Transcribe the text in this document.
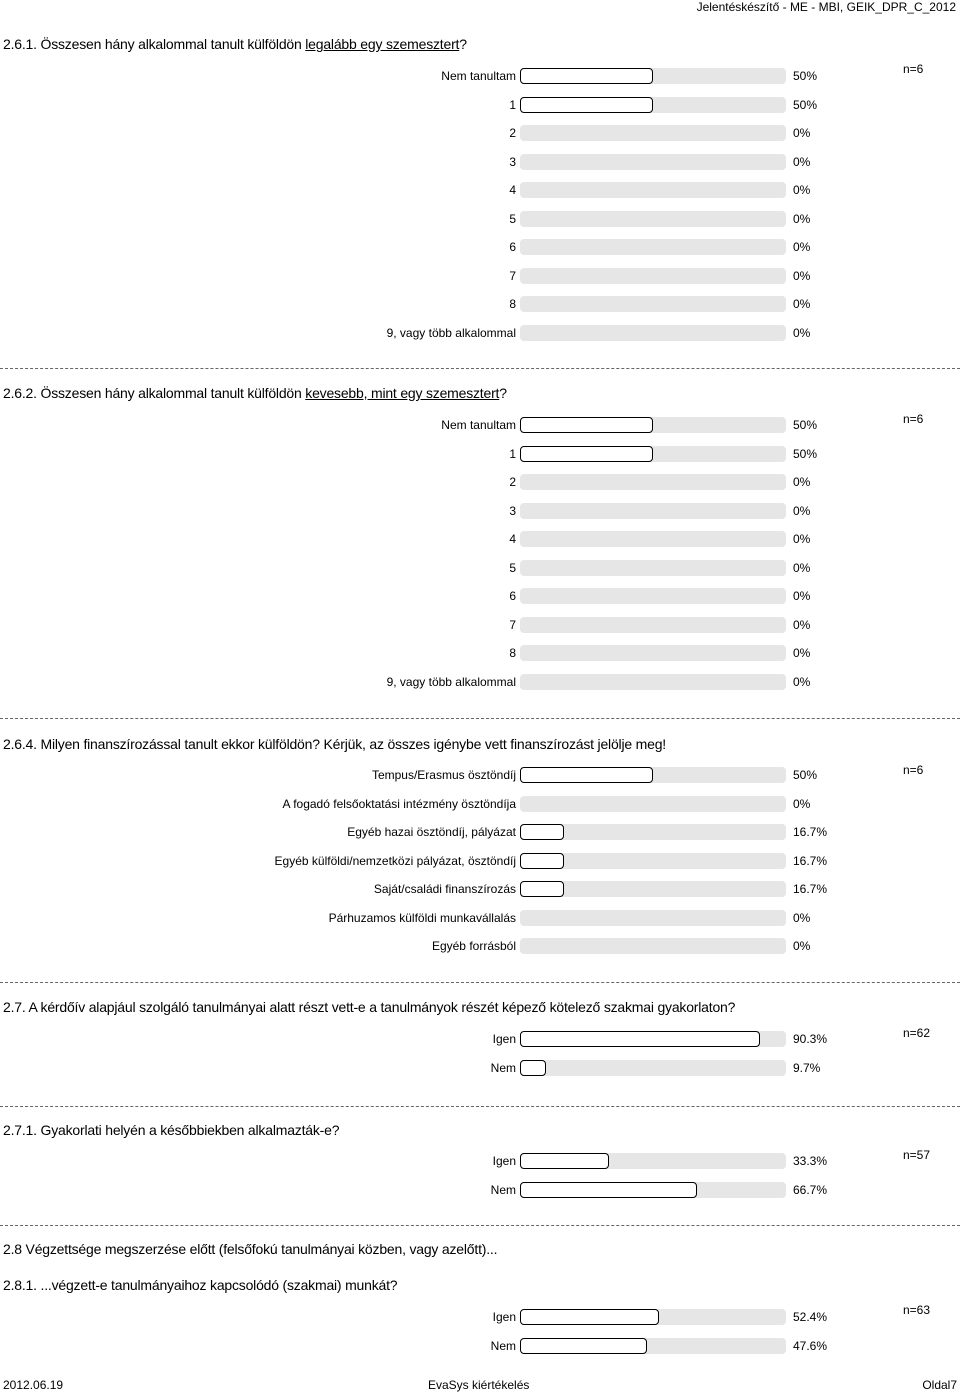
Jelentéskészítő - ME - MBI, GEIK_DPR_C_2012
2.6.1. Összesen hány alkalommal tanult külföldön legalább egy szemesztert?
n=6
Nem tanultam	50%
1	50%
2	0%
3	0%
4	0%
5	0%
6	0%
7	0%
8	0%
9, vagy több alkalommal	0%
2.6.2. Összesen hány alkalommal tanult külföldön kevesebb, mint egy szemesztert?
n=6
Nem tanultam	50%
1	50%
2	0%
3	0%
4	0%
5	0%
6	0%
7	0%
8	0%
9, vagy több alkalommal	0%
2.6.4. Milyen finanszírozással tanult ekkor külföldön? Kérjük, az összes igénybe vett finanszírozást jelölje meg!
n=6
Tempus/Erasmus ösztöndíj	50%
A fogadó felsőoktatási intézmény ösztöndíja	0%
Egyéb hazai ösztöndíj, pályázat	16.7%
Egyéb külföldi/nemzetközi pályázat, ösztöndíj	16.7%
Saját/családi finanszírozás	16.7%
Párhuzamos külföldi munkavállalás	0%
Egyéb forrásból	0%
2.7. A kérdőív alapjául szolgáló tanulmányai alatt részt vett-e a tanulmányok részét képező kötelező szakmai gyakorlaton?
n=62
Igen	90.3%
Nem	9.7%
2.7.1. Gyakorlati helyén a későbbiekben alkalmazták-e?
n=57
Igen	33.3%
Nem	66.7%
2.8 Végzettsége megszerzése előtt (felsőfokú tanulmányai közben, vagy azelőtt)...
2.8.1. ...végzett-e tanulmányaihoz kapcsolódó (szakmai) munkát?
n=63
Igen	52.4%
Nem	47.6%
2012.06.19	EvaSys kiértékelés	Oldal7
